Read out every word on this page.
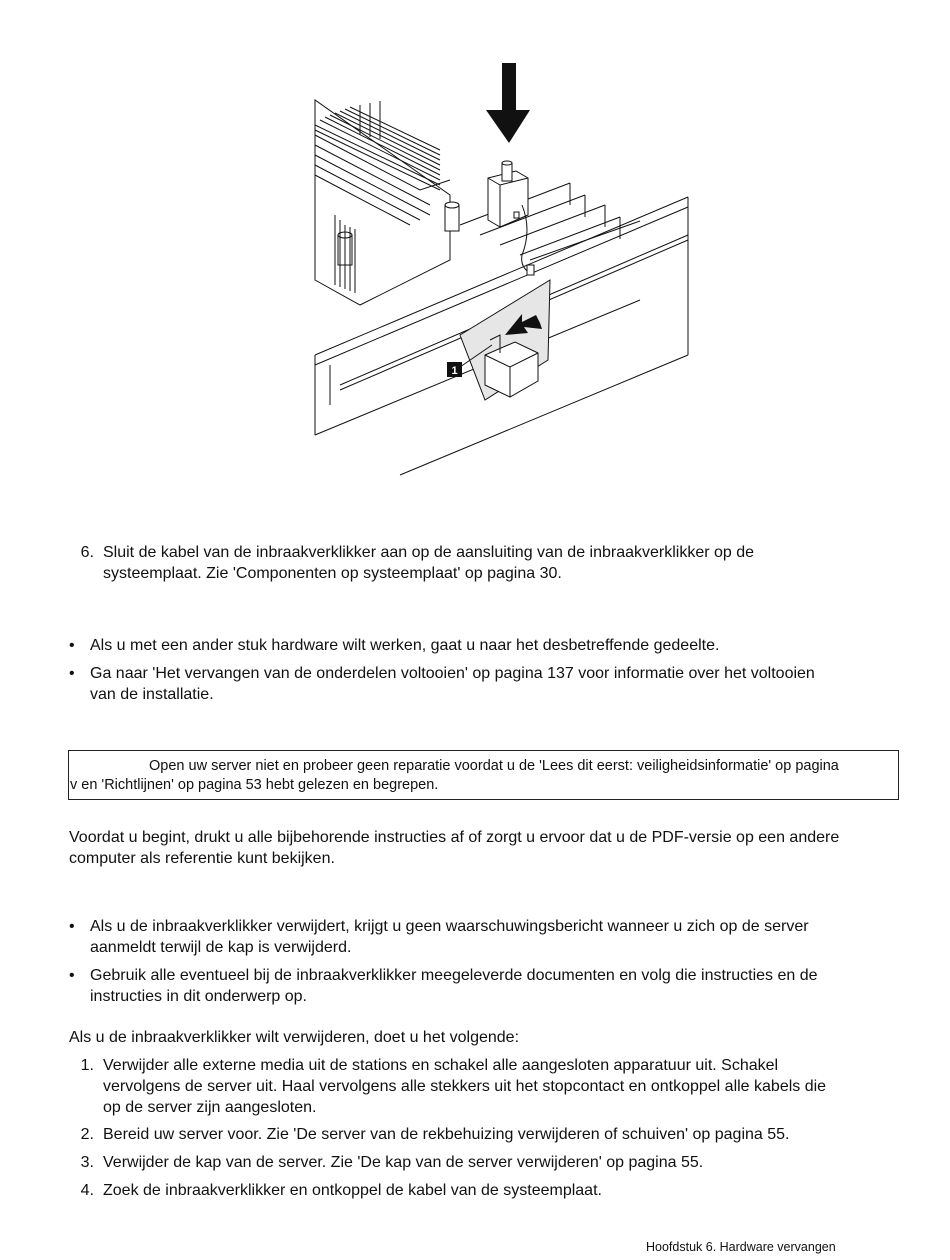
1
6. Sluit de kabel van de inbraakverklikker aan op de aansluiting van de inbraakverklikker op de
systeemplaat. Zie 'Componenten op systeemplaat' op pagina 30.
• Als u met een ander stuk hardware wilt werken, gaat u naar het desbetreffende gedeelte.
• Ga naar 'Het vervangen van de onderdelen voltooien' op pagina 137 voor informatie over het voltooien
van de installatie.
Open uw server niet en probeer geen reparatie voordat u de 'Lees dit eerst: veiligheidsinformatie' op pagina
v en 'Richtlijnen' op pagina 53 hebt gelezen en begrepen.
Voordat u begint, drukt u alle bijbehorende instructies af of zorgt u ervoor dat u de PDF-versie op een andere
computer als referentie kunt bekijken.
• Als u de inbraakverklikker verwijdert, krijgt u geen waarschuwingsbericht wanneer u zich op de server
aanmeldt terwijl de kap is verwijderd.
• Gebruik alle eventueel bij de inbraakverklikker meegeleverde documenten en volg die instructies en de
instructies in dit onderwerp op.
Als u de inbraakverklikker wilt verwijderen, doet u het volgende:
1. Verwijder alle externe media uit de stations en schakel alle aangesloten apparatuur uit. Schakel
vervolgens de server uit. Haal vervolgens alle stekkers uit het stopcontact en ontkoppel alle kabels die
op de server zijn aangesloten.
2. Bereid uw server voor. Zie 'De server van de rekbehuizing verwijderen of schuiven' op pagina 55.
3. Verwijder de kap van de server. Zie 'De kap van de server verwijderen' op pagina 55.
4. Zoek de inbraakverklikker en ontkoppel de kabel van de systeemplaat.
Hoofdstuk 6. Hardware vervangen
